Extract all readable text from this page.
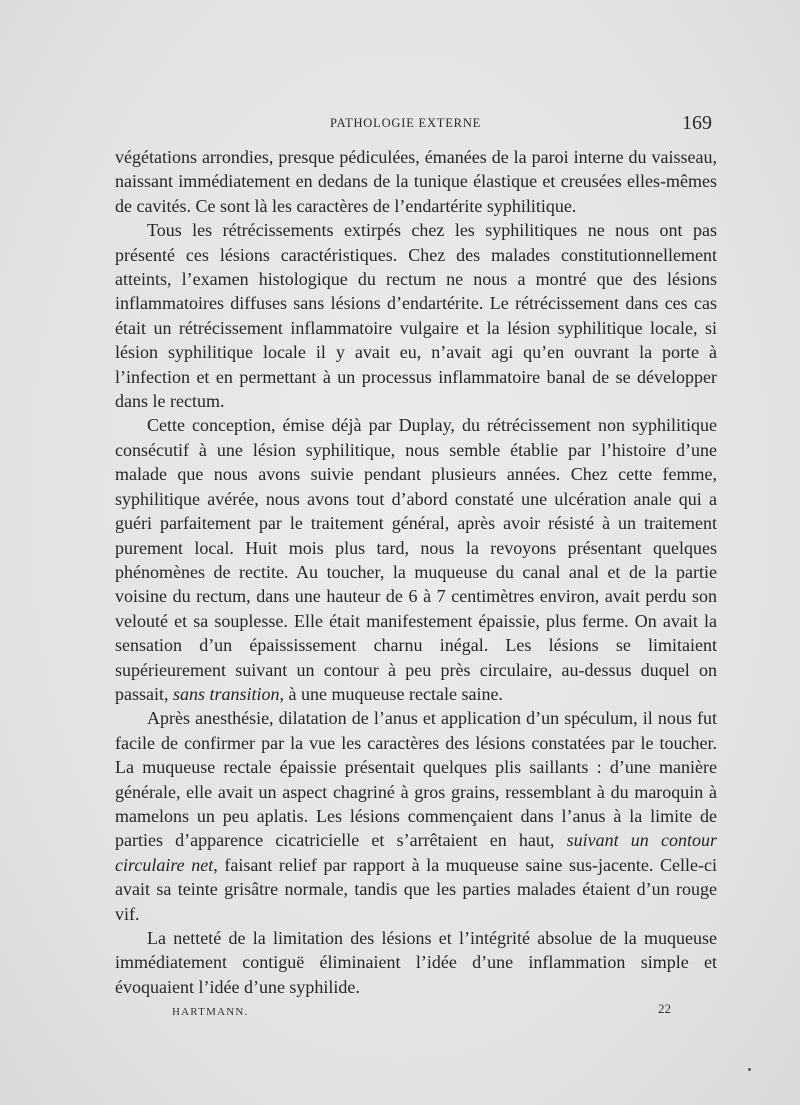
PATHOLOGIE EXTERNE	169

végétations arrondies, presque pédiculées, émanées de la paroi interne du vaisseau, naissant immédiatement en dedans de la tunique élastique et creusées elles-mêmes de cavités. Ce sont là les caractères de l’endartérite syphilitique.

Tous les rétrécissements extirpés chez les syphilitiques ne nous ont pas présenté ces lésions caractéristiques. Chez des malades constitutionnellement atteints, l’examen histologique du rectum ne nous a montré que des lésions inflammatoires diffuses sans lésions d’endartérite. Le rétrécissement dans ces cas était un rétrécissement inflammatoire vulgaire et la lésion syphilitique locale, si lésion syphilitique locale il y avait eu, n’avait agi qu’en ouvrant la porte à l’infection et en permettant à un processus inflammatoire banal de se développer dans le rectum.

Cette conception, émise déjà par Duplay, du rétrécissement non syphilitique consécutif à une lésion syphilitique, nous semble établie par l’histoire d’une malade que nous avons suivie pendant plusieurs années. Chez cette femme, syphilitique avérée, nous avons tout d’abord constaté une ulcération anale qui a guéri parfaitement par le traitement général, après avoir résisté à un traitement purement local. Huit mois plus tard, nous la revoyons présentant quelques phénomènes de rectite. Au toucher, la muqueuse du canal anal et de la partie voisine du rectum, dans une hauteur de 6 à 7 centimètres environ, avait perdu son velouté et sa souplesse. Elle était manifestement épaissie, plus ferme. On avait la sensation d’un épaississement charnu inégal. Les lésions se limitaient supérieurement suivant un contour à peu près circulaire, au-dessus duquel on passait, sans transition, à une muqueuse rectale saine.

Après anesthésie, dilatation de l’anus et application d’un spéculum, il nous fut facile de confirmer par la vue les caractères des lésions constatées par le toucher. La muqueuse rectale épaissie présentait quelques plis saillants : d’une manière générale, elle avait un aspect chagriné à gros grains, ressemblant à du maroquin à mamelons un peu aplatis. Les lésions commençaient dans l’anus à la limite de parties d’apparence cicatricielle et s’arrêtaient en haut, suivant un contour circulaire net, faisant relief par rapport à la muqueuse saine sus-jacente. Celle-ci avait sa teinte grisâtre normale, tandis que les parties malades étaient d’un rouge vif.

La netteté de la limitation des lésions et l’intégrité absolue de la muqueuse immédiatement contiguë éliminaient l’idée d’une inflammation simple et évoquaient l’idée d’une syphilide.

HARTMANN.	22
